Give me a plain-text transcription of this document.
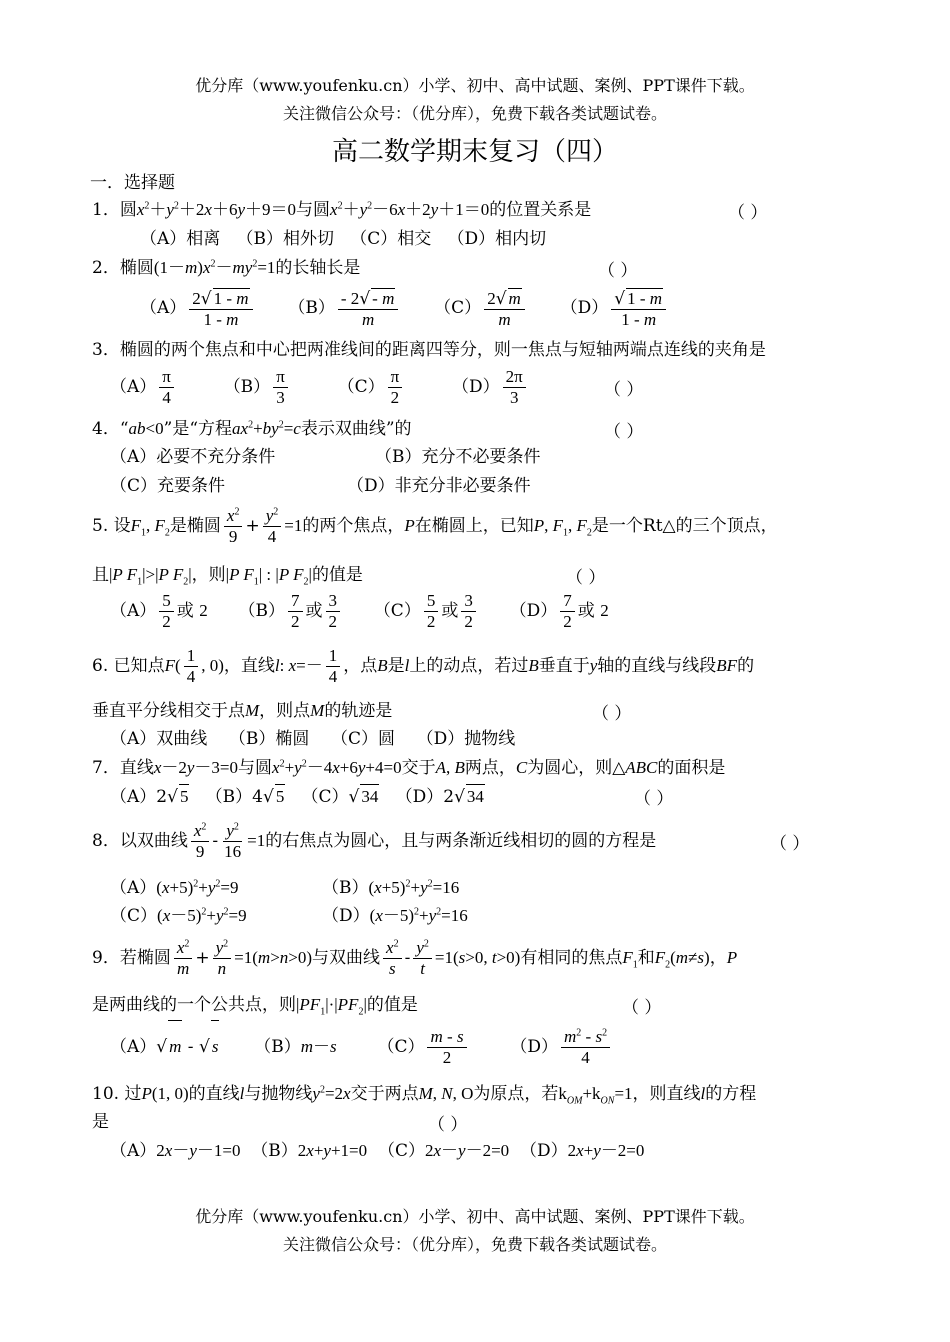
优分库（www.youfenku.cn）小学、初中、高中试题、案例、PPT课件下载。
关注微信公众号：（优分库），免费下载各类试题试卷。
高二数学期末复习（四）
一．选择题
1．圆$x^2+y^2+2x+6y+9=0$与圆$x^2+y^2-6x+2y+1=0$的位置关系是	（ ）
（A）相离 （B）相外切 （C）相交 （D）相内切
2．椭圆$(1-m)x^2-my^2=1$的长轴长是	（ ）
$(A) \frac{2√ 1 - m}{1 - m} (B) \frac{- 2√ - m}{m} (C) \frac{2√ m}{m} (D) \frac{√ 1 - m}{1 - m}$
3．椭圆的两个焦点和中心把两准线间的距离四等分，则一焦点与短轴两端点连线的夹角是
$(A) \frac{\pi}{4}$	$(B) \frac{\pi}{3}$	$(C) \frac{\pi}{2}$	$(D) \frac{2\pi}{3}$	（ ）
4．“ab<0”是“方程$ax^2+by^2=c$表示双曲线”的	（ ）
（A）必要不充分条件	（B）充分不必要条件
（C）充要条件	（D）非充分非必要条件
5. 设$F_1$, $F_2$是椭圆 $\frac{x^2}{9} + \frac{y^2}{4} =1$的两个焦点，P在椭圆上，已知P, $F_1$, $F_2$是一个Rt△的三个顶点，
且|P $F_1|>|P$ $F_2|$，则|P $F_1|$ : |P $F_2|$的值是	（ ）
$(A) \frac{5}{2}$ 或 2 $(B) \frac{7}{2}$ 或 $\frac{3}{2} (C) \frac{5}{2}$ 或 $\frac{3}{2} (D) \frac{7}{2}$ 或 2
6. 已知点$F( \frac{1}{4}$ , 0)，直线l: $x=- \frac{1}{4}$ ，点B是l上的动点，若过B垂直于y轴的直线与线段BF的
垂直平分线相交于点M，则点M的轨迹是	（ ）
（A）双曲线 （B）椭圆 （C）圆 （D）抛物线
7．直线x－2y－3=0与圆$x^2+y^2-4x+6y+4=0$交于A, B两点，C为圆心，则△ABC的面积是
（A）2√ 5 （B）4√ 5 （C）√ 34 （D）2√ 34	（ ）
8．以双曲线 $\frac{x^2}{9} - \frac{y^2}{16} =1$的右焦点为圆心，且与两条渐近线相切的圆的方程是	（ ）
$(A)(x+5)^2+y^2=9$	$(B)(x+5)^2+y^2=16$
$(C)(x-5)^2+y^2=9$	$(D)(x-5)^2+y^2=16$
9．若椭圆 $\frac{x^2}{m} + \frac{y^2}{n} =1(m>n>0)$与双曲线 $\frac{x^2}{s} - \frac{y^2}{t} =1(s>0$, t>0)有相同的焦点$F_1$和$F_2(m\ne s)$，P
是两曲线的一个公共点，则$|PF_1|\cdot|PF_2|$的值是	（ ）
（A）√ m - √ s （B）m－s $(C) \frac{m - s}{2}$	$(D) \frac{m^2 - s^2}{4}$
10. 过P(1, 0)的直线l与抛物线$y^2=2x$交于两点M, N, O为原点，若$k_{OM}+k_{ON}=1$，则直线l的方程
是	（ ）
（A）2x－y－1=0 （B）2x+y+1=0 （C）2x－y－2=0 （D）2x+y－2=0
优分库（www.youfenku.cn）小学、初中、高中试题、案例、PPT课件下载。
关注微信公众号：（优分库），免费下载各类试题试卷。
